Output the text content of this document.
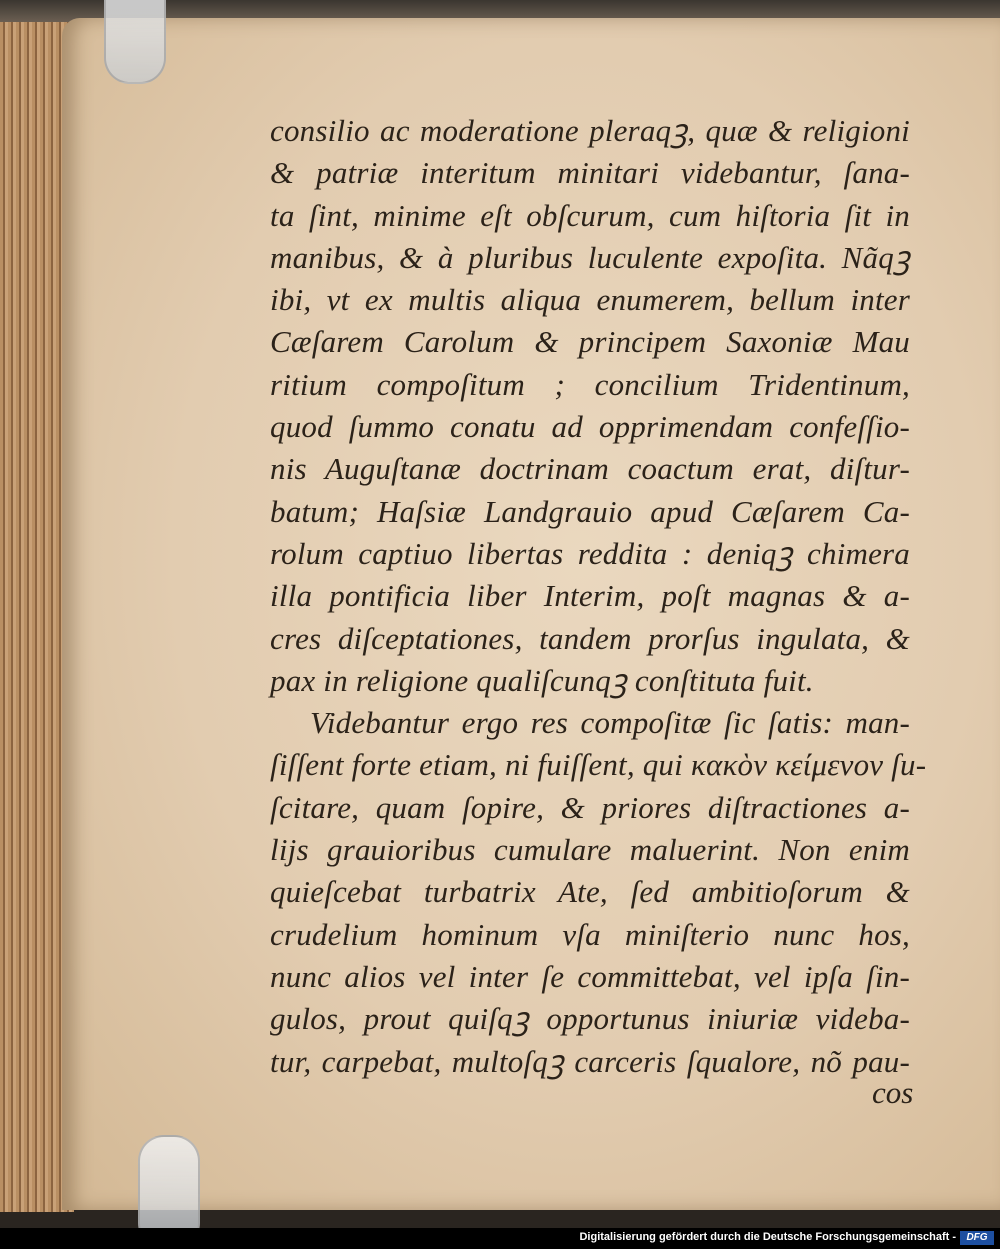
consilio ac moderatione pleraqꝫ, quæ & religioni
& patriæ interitum minitari videbantur, ſana-
ta ſint, minime eſt obſcurum, cum hiſtoria ſit in
manibus, & à pluribus luculente expoſita. Nãqꝫ
ibi, vt ex multis aliqua enumerem, bellum inter
Cæſarem Carolum & principem Saxoniæ Mau
ritium compoſitum ; concilium Tridentinum,
quod ſummo conatu ad opprimendam confeſſio-
nis Auguſtanæ doctrinam coactum erat, diſtur-
batum; Haſsiæ Landgrauio apud Cæſarem Ca-
rolum captiuo libertas reddita : deniqꝫ chimera
illa pontificia liber Interim, poſt magnas & a-
cres diſceptationes, tandem prorſus ingulata, &
pax in religione qualiſcunqꝫ conſtituta fuit.
Videbantur ergo res compoſitæ ſic ſatis: man-
ſiſſent forte etiam, ni fuiſſent, qui κακὸν κείμενον ſu-
ſcitare, quam ſopire, & priores diſtractiones a-
lijs grauioribus cumulare maluerint. Non enim
quieſcebat turbatrix Ate, ſed ambitioſorum &
crudelium hominum vſa miniſterio nunc hos,
nunc alios vel inter ſe committebat, vel ipſa ſin-
gulos, prout quiſqꝫ opportunus iniuriæ videba-
tur, carpebat, multoſqꝫ carceris ſqualore, nõ pau-
cos
Digitalisierung gefördert durch die Deutsche Forschungsgemeinschaft -	DFG
